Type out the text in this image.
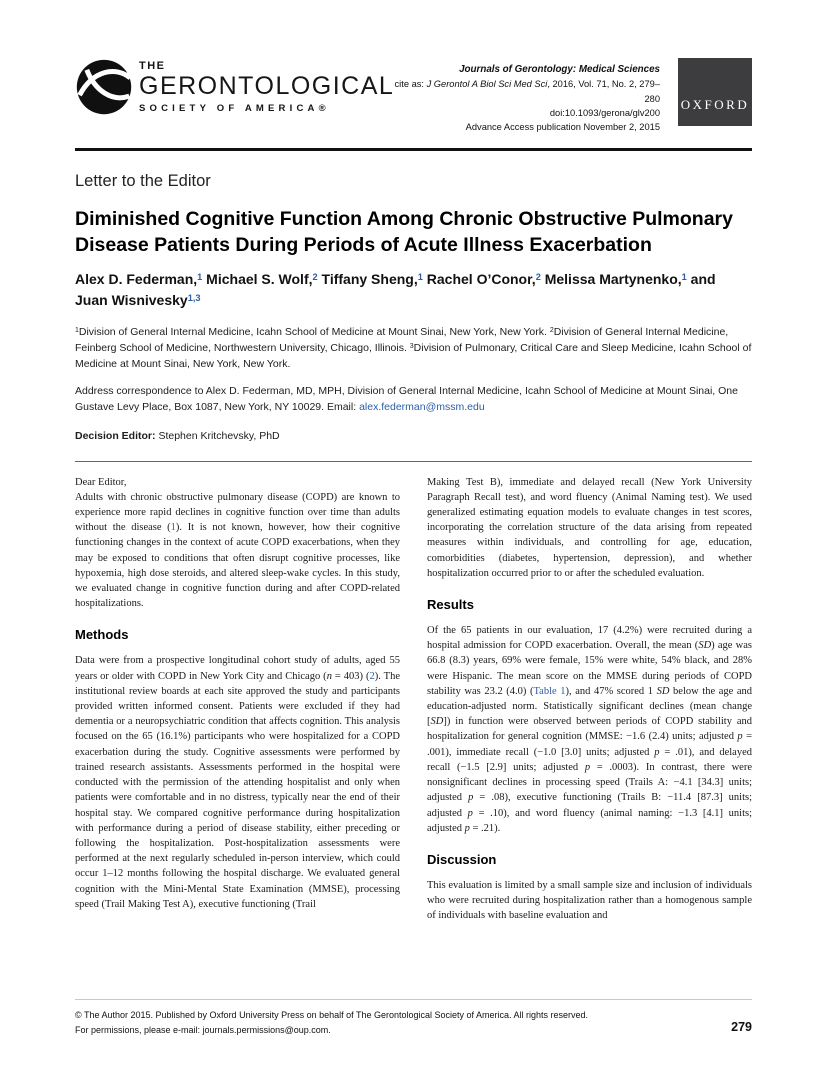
THE
GERONTOLOGICAL
SOCIETY OF AMERICA®
Journals of Gerontology: Medical Sciences
cite as: J Gerontol A Biol Sci Med Sci, 2016, Vol. 71, No. 2, 279–280
doi:10.1093/gerona/glv200
Advance Access publication November 2, 2015
OXFORD
Letter to the Editor
Diminished Cognitive Function Among Chronic Obstructive Pulmonary Disease Patients During Periods of Acute Illness Exacerbation
Alex D. Federman,$^1$ Michael S. Wolf,$^2$ Tiffany Sheng,$^1$ Rachel O’Conor,$^2$ Melissa Martynenko,$^1$ and Juan Wisnivesky$^{1,3}$
$^1$Division of General Internal Medicine, Icahn School of Medicine at Mount Sinai, New York, New York. $^2$Division of General Internal Medicine, Feinberg School of Medicine, Northwestern University, Chicago, Illinois. $^3$Division of Pulmonary, Critical Care and Sleep Medicine, Icahn School of Medicine at Mount Sinai, New York, New York.
Address correspondence to Alex D. Federman, MD, MPH, Division of General Internal Medicine, Icahn School of Medicine at Mount Sinai, One Gustave Levy Place, Box 1087, New York, NY 10029. Email: alex.federman@mssm.edu
Decision Editor: Stephen Kritchevsky, PhD

Dear Editor,

Adults with chronic obstructive pulmonary disease (COPD) are known to experience more rapid declines in cognitive function over time than adults without the disease (1). It is not known, however, how their cognitive functioning changes in the context of acute COPD exacerbations, when they may be exposed to conditions that often disrupt cognitive processes, like hypoxemia, high dose steroids, and altered sleep-wake cycles. In this study, we evaluated change in cognitive function during and after COPD-related hospitalizations.

Methods

Data were from a prospective longitudinal cohort study of adults, aged 55 years or older with COPD in New York City and Chicago (n = 403) (2). The institutional review boards at each site approved the study and participants provided written informed consent. Patients were excluded if they had dementia or a neuropsychiatric condition that affects cognition. This analysis focused on the 65 (16.1%) participants who were hospitalized for a COPD exacerbation during the study. Cognitive assessments were performed by trained research assistants. Assessments performed in the hospital were conducted with the permission of the attending hospitalist and only when patients were comfortable and in no distress, typically near the end of their hospital stay. We compared cognitive performance during hospitalization with performance during a period of disease stability, either preceding or following the hospitalization. Post-hospitalization assessments were performed at the next regularly scheduled in-person interview, which could occur 1–12 months following the hospital discharge. We evaluated general cognition with the Mini-Mental State Examination (MMSE), processing speed (Trail Making Test A), executive functioning (Trail

Making Test B), immediate and delayed recall (New York University Paragraph Recall test), and word fluency (Animal Naming test). We used generalized estimating equation models to evaluate changes in test scores, incorporating the correlation structure of the data arising from repeated measures within individuals, and controlling for age, education, comorbidities (diabetes, hypertension, depression), and whether hospitalization occurred prior to or after the scheduled evaluation.

Results

Of the 65 patients in our evaluation, 17 (4.2%) were recruited during a hospital admission for COPD exacerbation. Overall, the mean (SD) age was 66.8 (8.3) years, 69% were female, 15% were white, 54% black, and 28% were Hispanic. The mean score on the MMSE during periods of COPD stability was 23.2 (4.0) (Table 1), and 47% scored 1 SD below the age and education-adjusted norm. Statistically significant declines (mean change [SD]) in function were observed between periods of COPD stability and hospitalization for general cognition (MMSE: −1.6 (2.4) units; adjusted p = .001), immediate recall (−1.0 [3.0] units; adjusted p = .01), and delayed recall (−1.5 [2.9] units; adjusted p = .0003). In contrast, there were nonsignificant declines in processing speed (Trails A: −4.1 [34.3] units; adjusted p = .08), executive functioning (Trails B: −11.4 [87.3] units; adjusted p = .10), and word fluency (animal naming: −1.3 [4.1] units; adjusted p = .21).

Discussion

This evaluation is limited by a small sample size and inclusion of individuals who were recruited during hospitalization rather than a homogenous sample of individuals with baseline evaluation and

© The Author 2015. Published by Oxford University Press on behalf of The Gerontological Society of America. All rights reserved.
For permissions, please e-mail: journals.permissions@oup.com.	279
